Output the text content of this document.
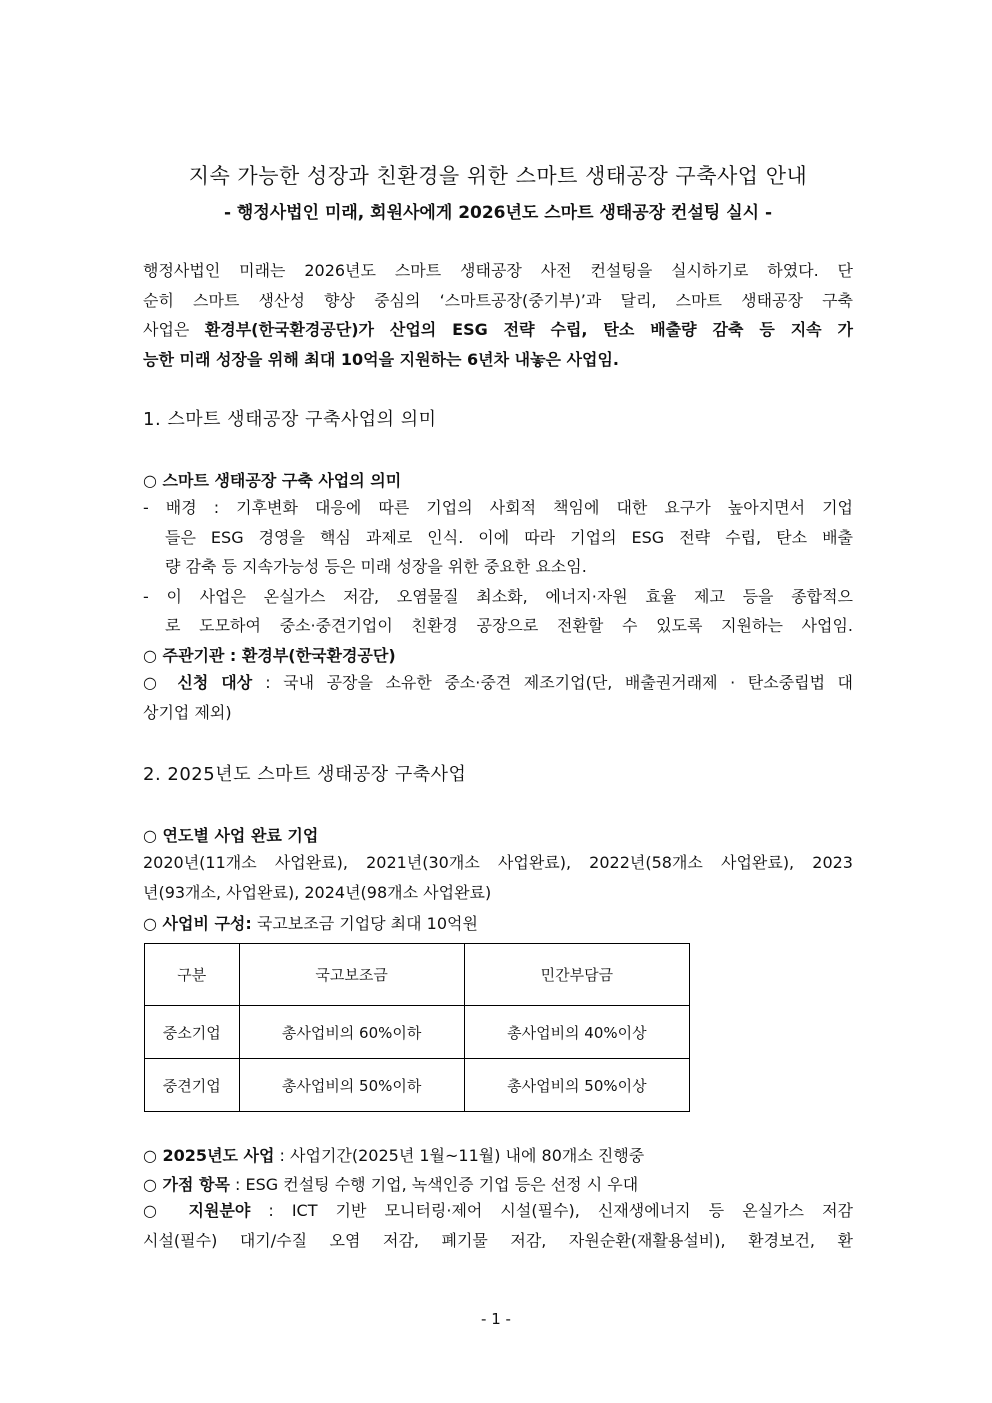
지속 가능한 성장과 친환경을 위한 스마트 생태공장 구축사업 안내
- 행정사법인 미래, 회원사에게 2026년도 스마트 생태공장 컨설팅 실시 -
행정사법인 미래는 2026년도 스마트 생태공장 사전 컨설팅을 실시하기로 하였다. 단
순히 스마트 생산성 향상 중심의 ‘스마트공장(중기부)’과 달리, 스마트 생태공장 구축
사업은 환경부(한국환경공단)가 산업의 ESG 전략 수립, 탄소 배출량 감축 등 지속 가
능한 미래 성장을 위해 최대 10억을 지원하는 6년차 내놓은 사업임.
1. 스마트 생태공장 구축사업의 의미
○ 스마트 생태공장 구축 사업의 의미
- 배경 : 기후변화 대응에 따른 기업의 사회적 책임에 대한 요구가 높아지면서 기업
들은 ESG 경영을 핵심 과제로 인식. 이에 따라 기업의 ESG 전략 수립, 탄소 배출
량 감축 등 지속가능성 등은 미래 성장을 위한 중요한 요소임.
- 이 사업은 온실가스 저감, 오염물질 최소화, 에너지·자원 효율 제고 등을 종합적으
로 도모하여 중소·중견기업이 친환경 공장으로 전환할 수 있도록 지원하는 사업임.
○ 주관기관 : 환경부(한국환경공단)
○ 신청 대상 : 국내 공장을 소유한 중소·중견 제조기업(단, 배출권거래제 · 탄소중립법 대
상기업 제외)
2. 2025년도 스마트 생태공장 구축사업
○ 연도별 사업 완료 기업
2020년(11개소 사업완료), 2021년(30개소 사업완료), 2022년(58개소 사업완료), 2023
년(93개소, 사업완료), 2024년(98개소 사업완료)
○ 사업비 구성: 국고보조금 기업당 최대 10억원
구분	국고보조금	민간부담금
중소기업	총사업비의 60%이하	총사업비의 40%이상
중견기업	총사업비의 50%이하	총사업비의 50%이상
○ 2025년도 사업 : 사업기간(2025년 1월~11월) 내에 80개소 진행중
○ 가점 항목 : ESG 컨설팅 수행 기업, 녹색인증 기업 등은 선정 시 우대
○ 지원분야 : ICT 기반 모니터링·제어 시설(필수), 신재생에너지 등 온실가스 저감
시설(필수) 대기/수질 오염 저감, 폐기물 저감, 자원순환(재활용설비), 환경보건, 환
- 1 -
